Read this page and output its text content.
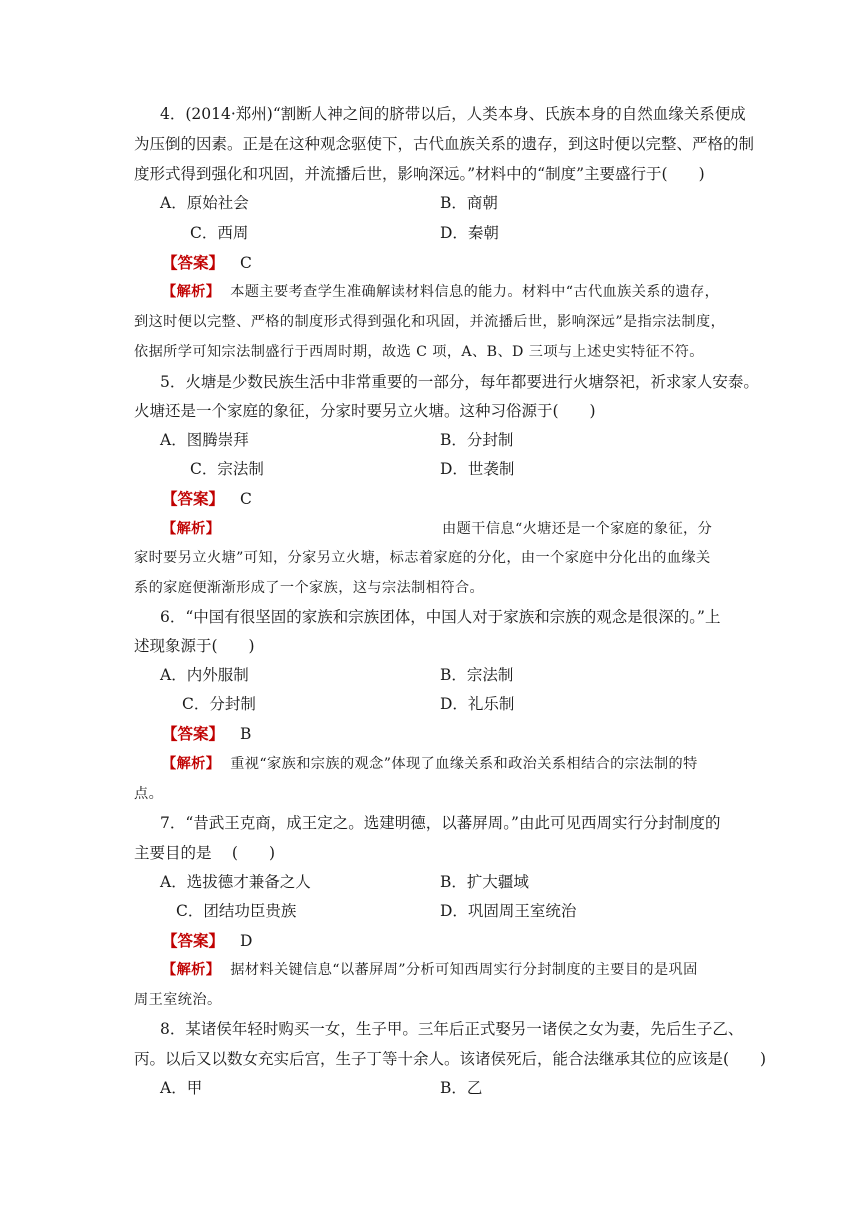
4．(2014·郑州)“割断人神之间的脐带以后，人类本身、氏族本身的自然血缘关系便成
为压倒的因素。正是在这种观念驱使下，古代血族关系的遗存，到这时便以完整、严格的制
度形式得到强化和巩固，并流播后世，影响深远。”材料中的“制度”主要盛行于(　　)
A．原始社会	B．商朝
C．西周	D．秦朝
【答案】 C
【解析】 本题主要考查学生准确解读材料信息的能力。材料中“古代血族关系的遗存，
到这时便以完整、严格的制度形式得到强化和巩固，并流播后世，影响深远”是指宗法制度，
依据所学可知宗法制盛行于西周时期，故选 C 项，A、B、D 三项与上述史实特征不符。
5．火塘是少数民族生活中非常重要的一部分，每年都要进行火塘祭祀，祈求家人安泰。
火塘还是一个家庭的象征，分家时要另立火塘。这种习俗源于(　　)
A．图腾崇拜	B．分封制
C．宗法制	D．世袭制
【答案】 C
【解析】	由题干信息“火塘还是一个家庭的象征，分
家时要另立火塘”可知，分家另立火塘，标志着家庭的分化，由一个家庭中分化出的血缘关
系的家庭便渐渐形成了一个家族，这与宗法制相符合。
6．“中国有很坚固的家族和宗族团体，中国人对于家族和宗族的观念是很深的。”上
述现象源于(　　)
A．内外服制	B．宗法制
C．分封制	D．礼乐制
【答案】 B
【解析】 重视“家族和宗族的观念”体现了血缘关系和政治关系相结合的宗法制的特
点。
7．“昔武王克商，成王定之。选建明德，以蕃屏周。”由此可见西周实行分封制度的
主要目的是　 (　　)
A．选拔德才兼备之人	B．扩大疆域
C．团结功臣贵族	D．巩固周王室统治
【答案】 D
【解析】 据材料关键信息“以蕃屏周”分析可知西周实行分封制度的主要目的是巩固
周王室统治。
8．某诸侯年轻时购买一女，生子甲。三年后正式娶另一诸侯之女为妻，先后生子乙、
丙。以后又以数女充实后宫，生子丁等十余人。该诸侯死后，能合法继承其位的应该是(　　)
A．甲	B．乙
